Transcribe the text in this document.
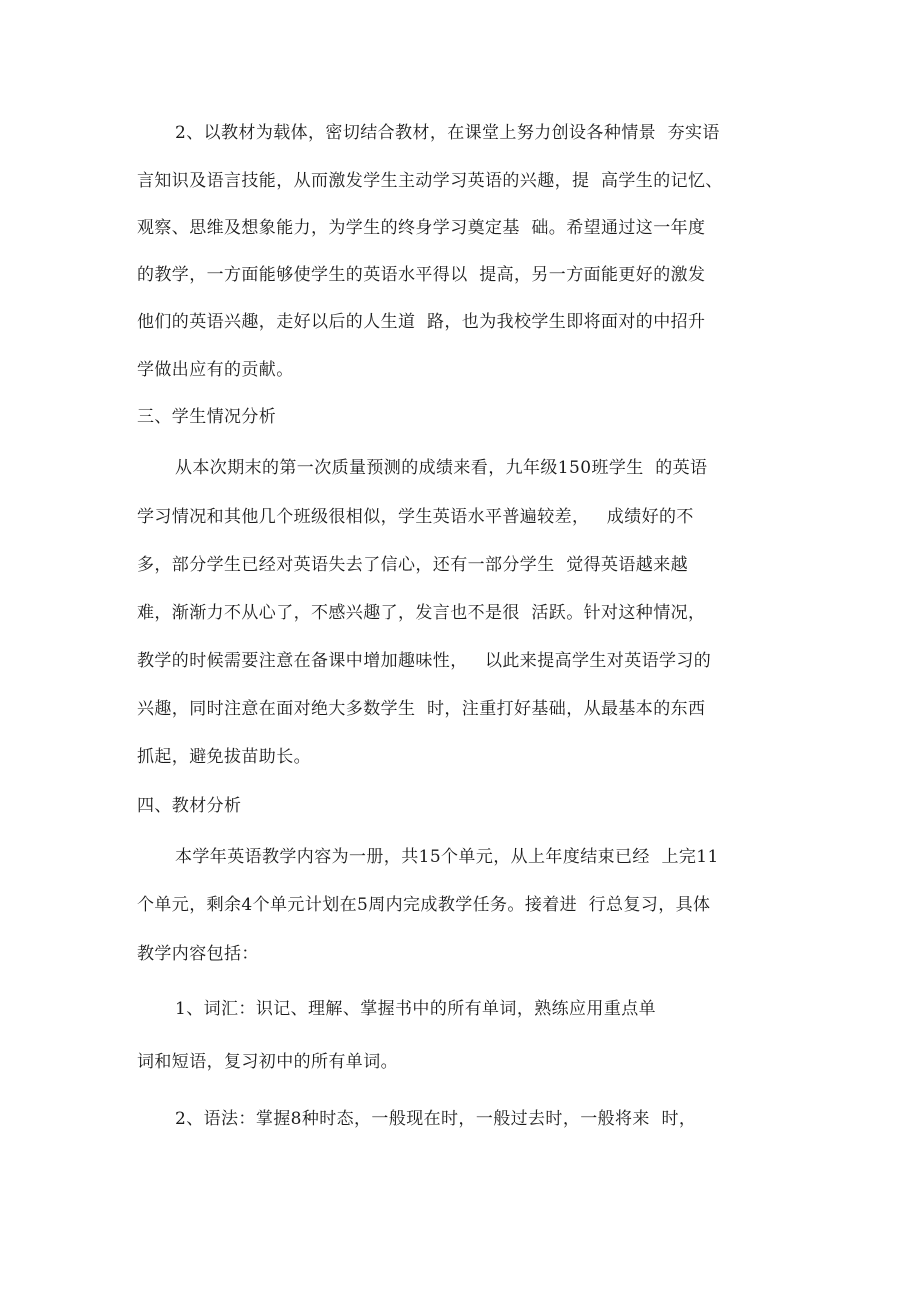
2、以教材为载体，密切结合教材，在课堂上努力创设各种情景  夯实语
言知识及语言技能，从而激发学生主动学习英语的兴趣，提  高学生的记忆、
观察、思维及想象能力，为学生的终身学习奠定基  础。希望通过这一年度
的教学，一方面能够使学生的英语水平得以  提高，另一方面能更好的激发
他们的英语兴趣，走好以后的人生道  路，也为我校学生即将面对的中招升
学做出应有的贡献。
三、学生情况分析
从本次期末的第一次质量预测的成绩来看，九年级150班学生  的英语
学习情况和其他几个班级很相似，学生英语水平普遍较差，   成绩好的不
多，部分学生已经对英语失去了信心，还有一部分学生  觉得英语越来越
难，渐渐力不从心了，不感兴趣了，发言也不是很  活跃。针对这种情况，
教学的时候需要注意在备课中增加趣味性，   以此来提高学生对英语学习的
兴趣，同时注意在面对绝大多数学生  时，注重打好基础，从最基本的东西
抓起，避免拔苗助长。
四、教材分析
本学年英语教学内容为一册，共15个单元，从上年度结束已经  上完11
个单元，剩余4个单元计划在5周内完成教学任务。接着进  行总复习，具体
教学内容包括：
1、词汇：识记、理解、掌握书中的所有单词，熟练应用重点单
词和短语，复习初中的所有单词。
2、语法：掌握8种时态，一般现在时，一般过去时，一般将来  时，
